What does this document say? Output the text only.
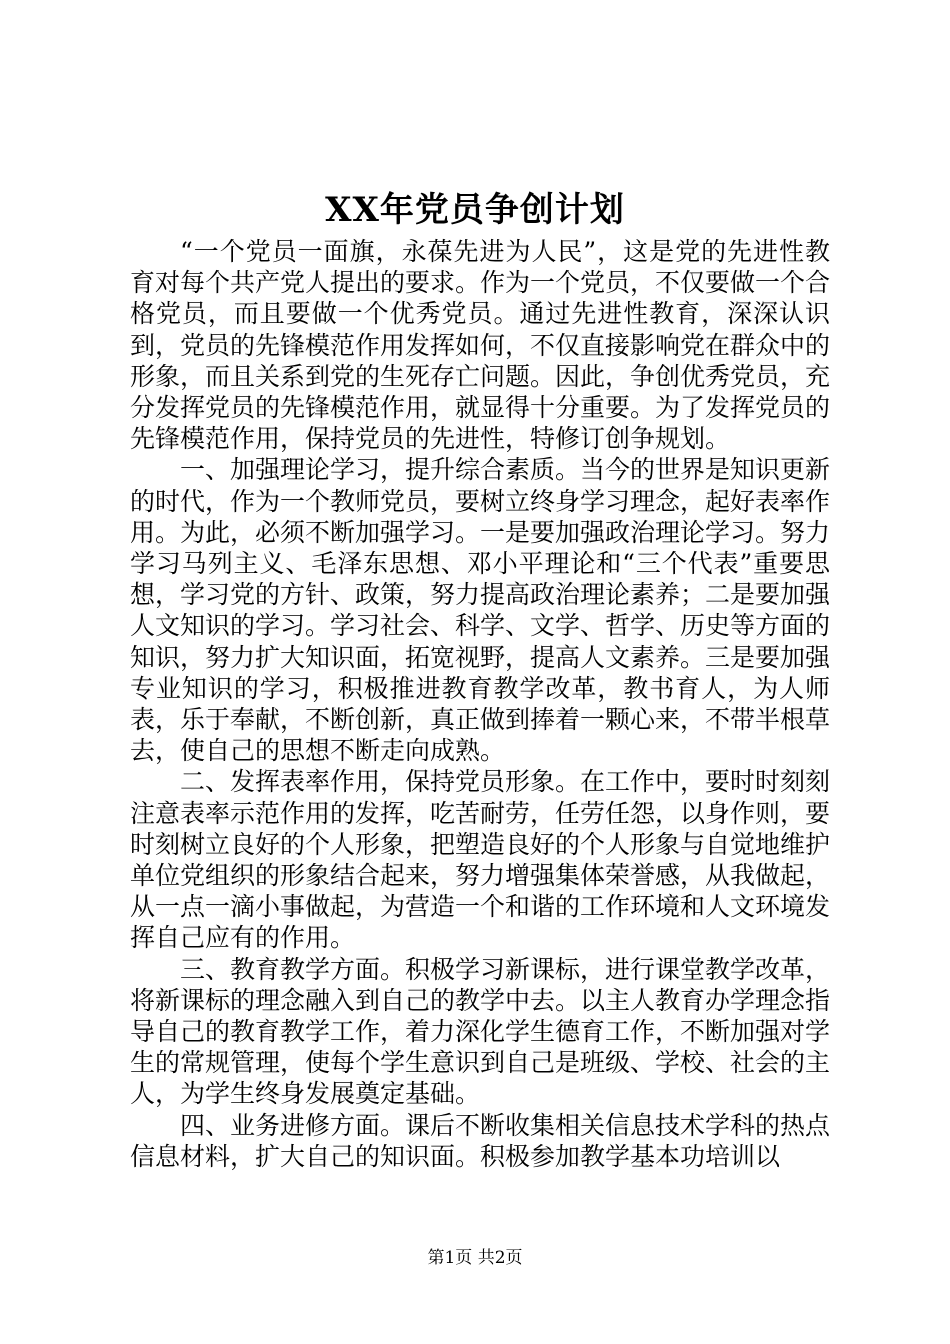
XX年党员争创计划

“一个党员一面旗，永葆先进为人民”，这是党的先进性教育对每个共产党人提出的要求。作为一个党员，不仅要做一个合格党员，而且要做一个优秀党员。通过先进性教育，深深认识到，党员的先锋模范作用发挥如何，不仅直接影响党在群众中的形象，而且关系到党的生死存亡问题。因此，争创优秀党员，充分发挥党员的先锋模范作用，就显得十分重要。为了发挥党员的先锋模范作用，保持党员的先进性，特修订创争规划。

一、加强理论学习，提升综合素质。当今的世界是知识更新的时代，作为一个教师党员，要树立终身学习理念，起好表率作用。为此，必须不断加强学习。一是要加强政治理论学习。努力学习马列主义、毛泽东思想、邓小平理论和“三个代表”重要思想，学习党的方针、政策，努力提高政治理论素养；二是要加强人文知识的学习。学习社会、科学、文学、哲学、历史等方面的知识，努力扩大知识面，拓宽视野，提高人文素养。三是要加强专业知识的学习，积极推进教育教学改革，教书育人，为人师表，乐于奉献，不断创新，真正做到捧着一颗心来，不带半根草去，使自己的思想不断走向成熟。

二、发挥表率作用，保持党员形象。在工作中，要时时刻刻注意表率示范作用的发挥，吃苦耐劳，任劳任怨，以身作则，要时刻树立良好的个人形象，把塑造良好的个人形象与自觉地维护单位党组织的形象结合起来，努力增强集体荣誉感，从我做起，从一点一滴小事做起，为营造一个和谐的工作环境和人文环境发挥自己应有的作用。

三、教育教学方面。积极学习新课标，进行课堂教学改革，将新课标的理念融入到自己的教学中去。以主人教育办学理念指导自己的教育教学工作，着力深化学生德育工作，不断加强对学生的常规管理，使每个学生意识到自己是班级、学校、社会的主人，为学生终身发展奠定基础。

四、业务进修方面。课后不断收集相关信息技术学科的热点信息材料，扩大自己的知识面。积极参加教学基本功培训以

第1页 共2页
